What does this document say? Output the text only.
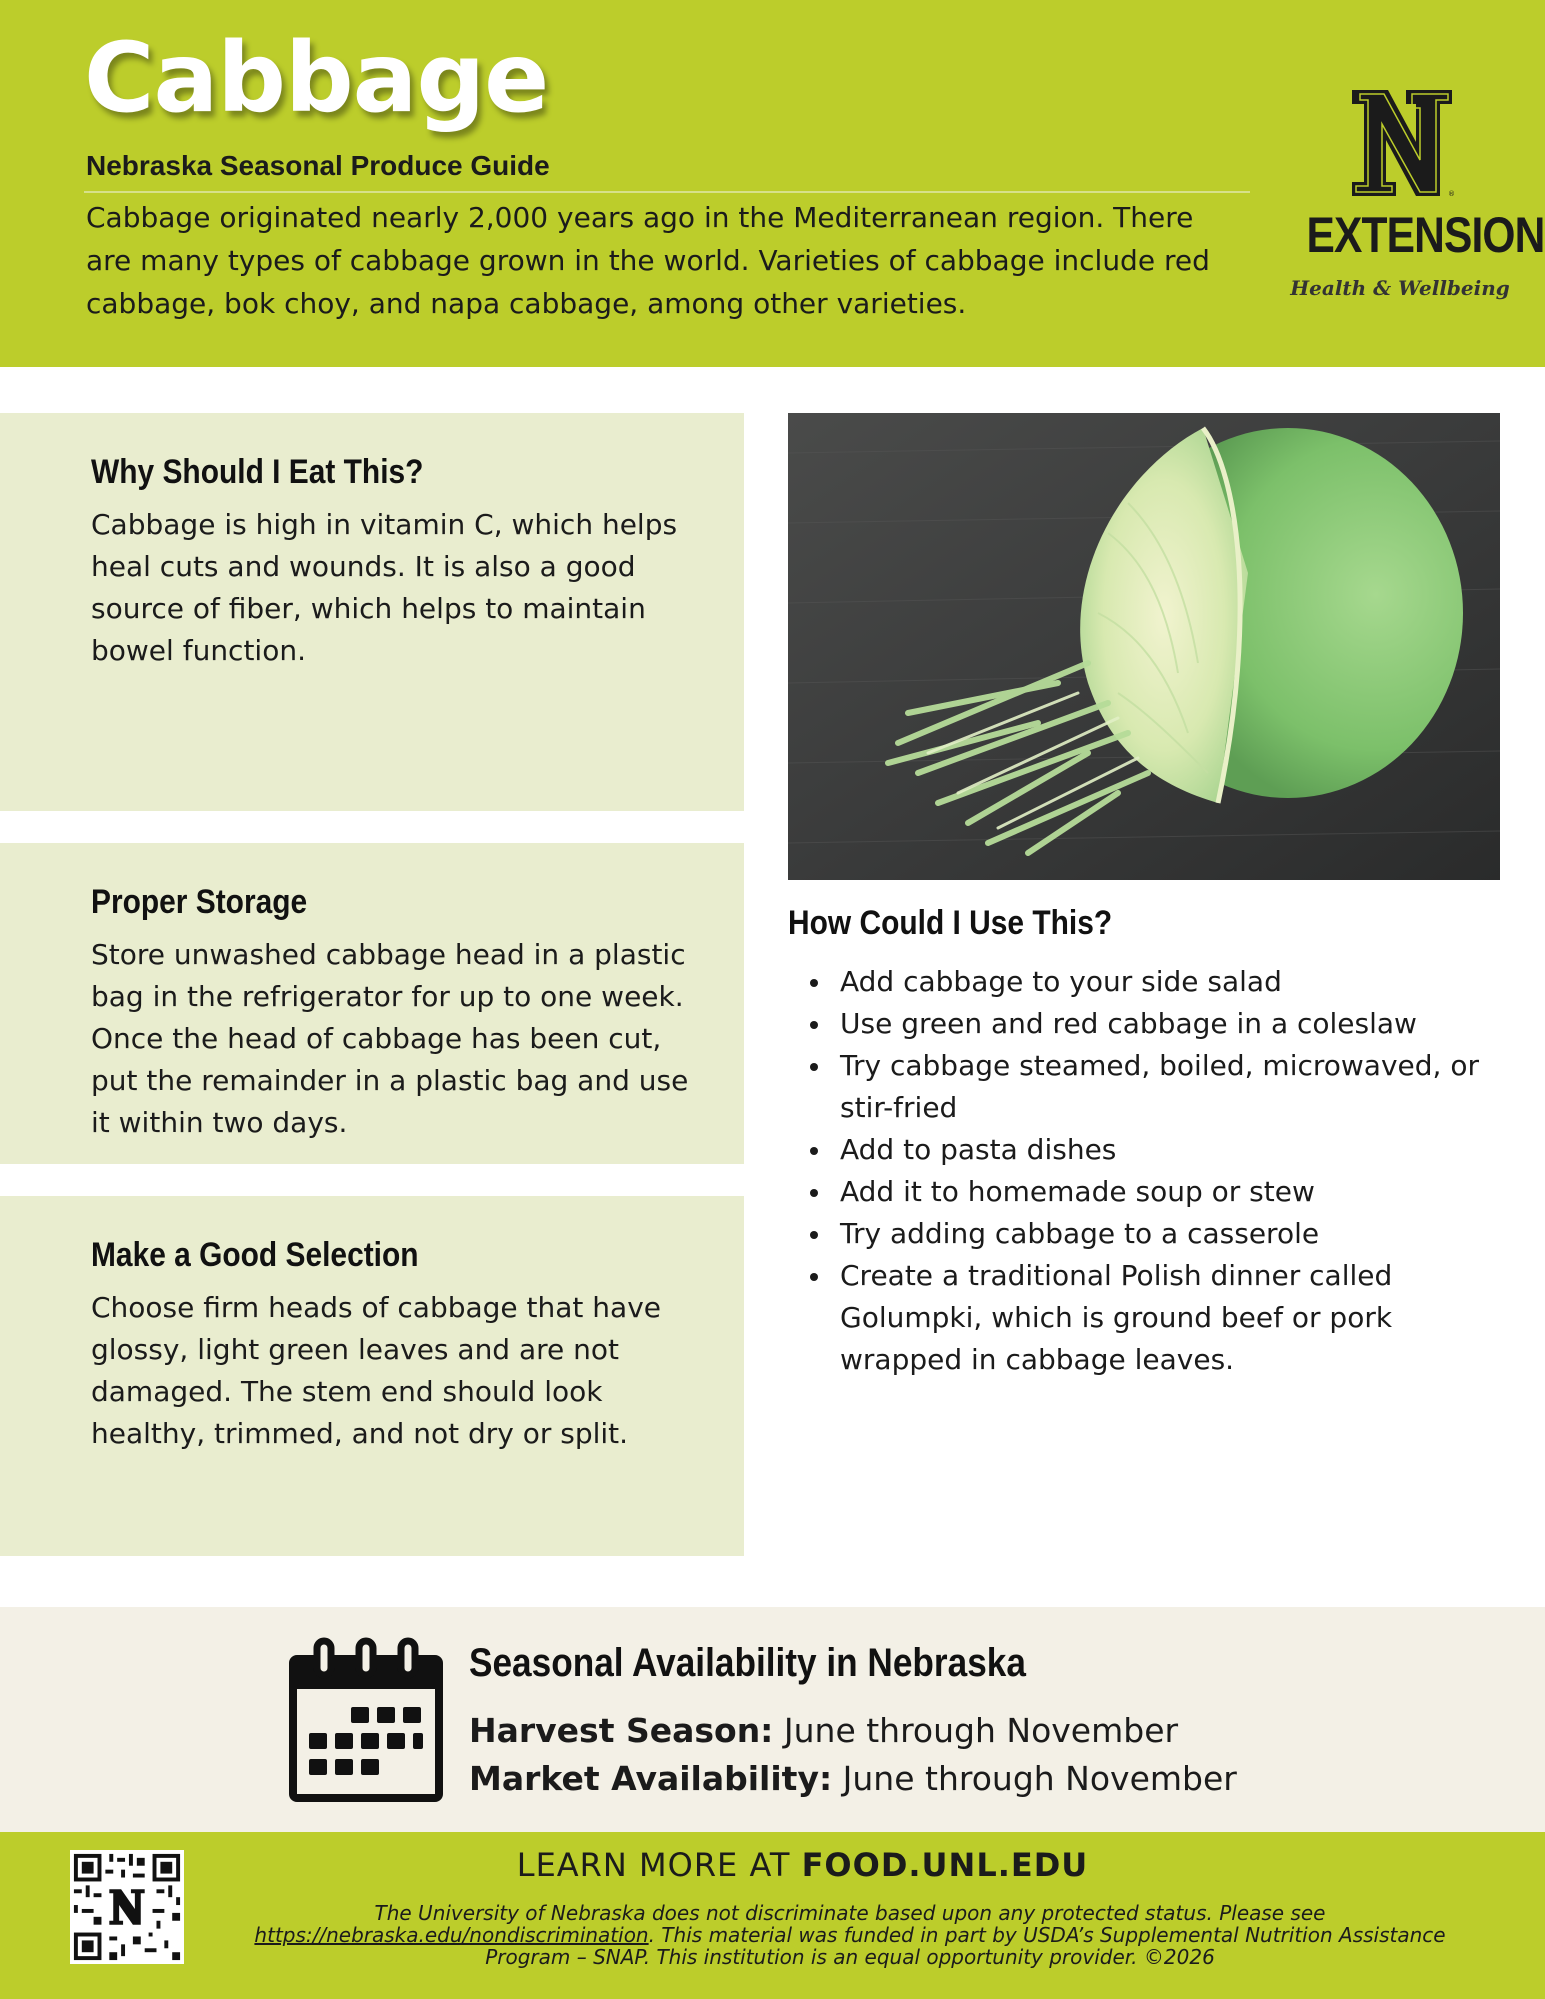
Cabbage
Nebraska Seasonal Produce Guide

Cabbage originated nearly 2,000 years ago in the Mediterranean region. There are many types of cabbage grown in the world. Varieties of cabbage include red cabbage, bok choy, and napa cabbage, among other varieties.

®
EXTENSION
Health & Wellbeing
Why Should I Eat This?

Cabbage is high in vitamin C, which helps heal cuts and wounds. It is also a good source of fiber, which helps to maintain bowel function.

Proper Storage

Store unwashed cabbage head in a plastic bag in the refrigerator for up to one week. Once the head of cabbage has been cut, put the remainder in a plastic bag and use it within two days.

Make a Good Selection

Choose firm heads of cabbage that have glossy, light green leaves and are not damaged. The stem end should look healthy, trimmed, and not dry or split.

How Could I Use This?
Add cabbage to your side salad
Use green and red cabbage in a coleslaw
Try cabbage steamed, boiled, microwaved, or stir-fried
Add to pasta dishes
Add it to homemade soup or stew
Try adding cabbage to a casserole
Create a traditional Polish dinner called Golumpki, which is ground beef or pork wrapped in cabbage leaves.
Seasonal Availability in Nebraska
Harvest Season: June through November
Market Availability: June through November
LEARN MORE AT FOOD.UNL.EDU

The University of Nebraska does not discriminate based upon any protected status. Please see https://nebraska.edu/nondiscrimination. This material was funded in part by USDA’s Supplemental Nutrition Assistance Program – SNAP. This institution is an equal opportunity provider. ©2026
